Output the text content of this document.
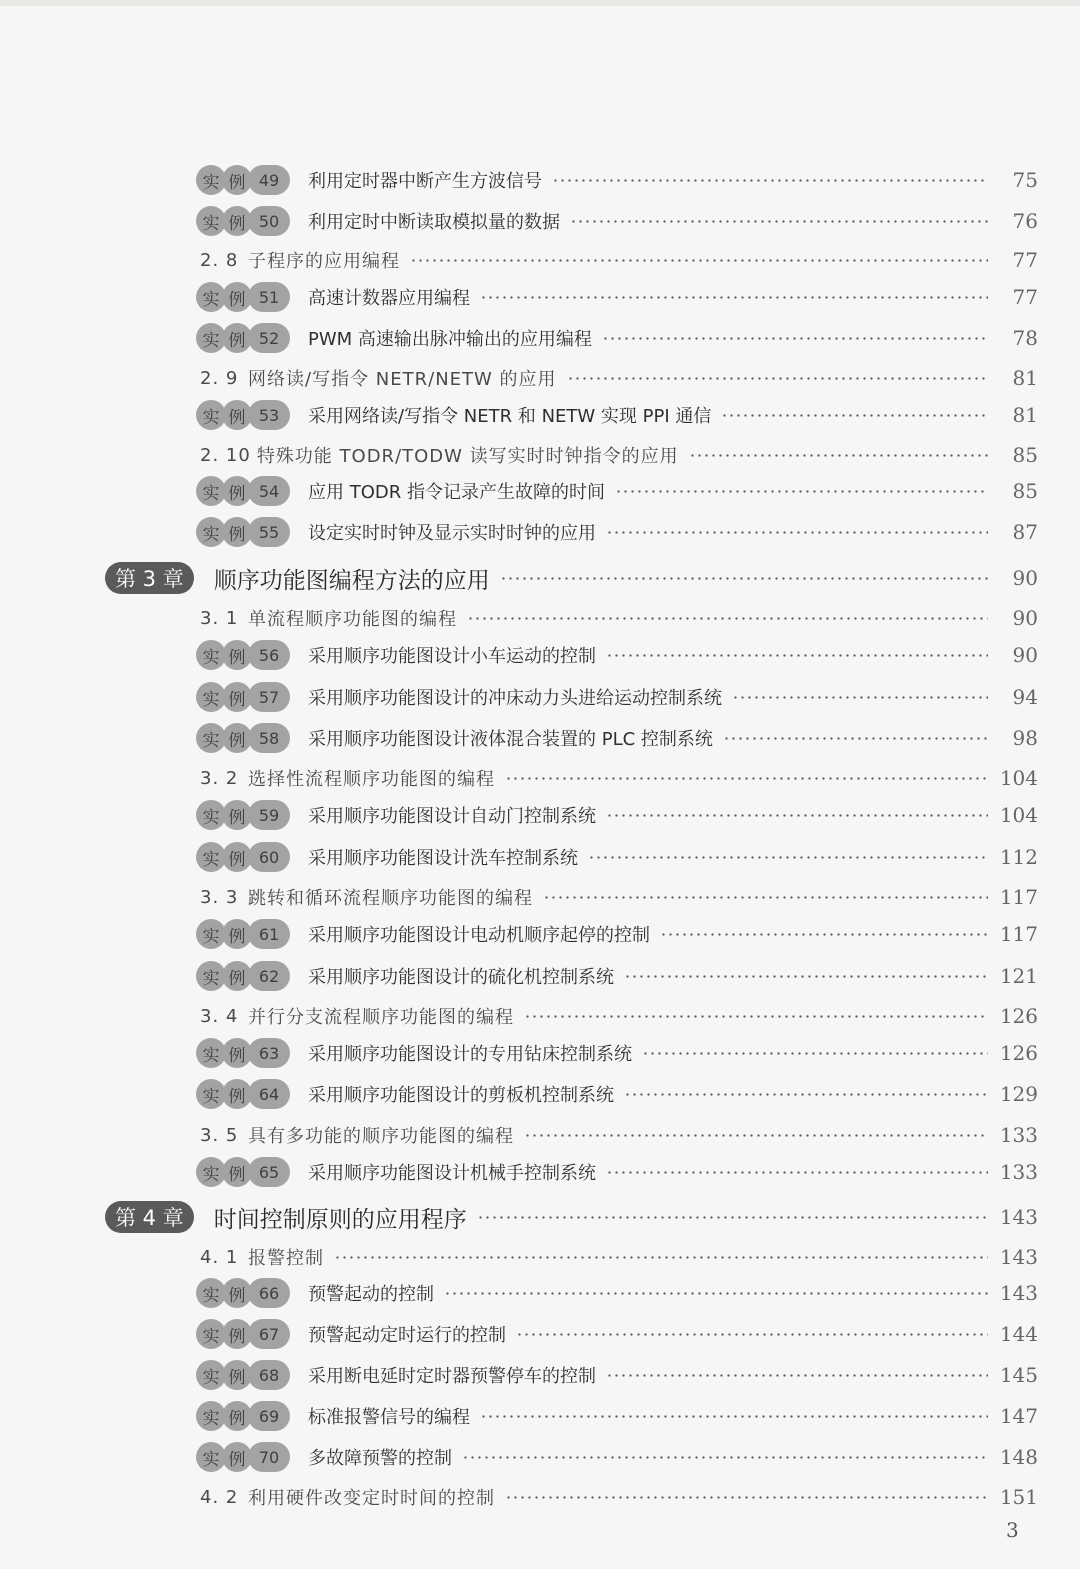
实 例 49	利用定时器中断产生方波信号	75
实 例 50	利用定时中断读取模拟量的数据	76
2. 8 子程序的应用编程	77
实 例 51	高速计数器应用编程	77
实 例 52	PWM 高速输出脉冲输出的应用编程	78
2. 9 网络读/写指令 NETR/NETW 的应用	81
实 例 53	采用网络读/写指令 NETR 和 NETW 实现 PPI 通信	81
2. 10 特殊功能 TODR/TODW 读写实时时钟指令的应用	85
实 例 54	应用 TODR 指令记录产生故障的时间	85
实 例 55	设定实时时钟及显示实时时钟的应用	87
第 3 章	顺序功能图编程方法的应用	90
3. 1 单流程顺序功能图的编程	90
实 例 56	采用顺序功能图设计小车运动的控制	90
实 例 57	采用顺序功能图设计的冲床动力头进给运动控制系统	94
实 例 58	采用顺序功能图设计液体混合装置的 PLC 控制系统	98
3. 2 选择性流程顺序功能图的编程	104
实 例 59	采用顺序功能图设计自动门控制系统	104
实 例 60	采用顺序功能图设计洗车控制系统	112
3. 3 跳转和循环流程顺序功能图的编程	117
实 例 61	采用顺序功能图设计电动机顺序起停的控制	117
实 例 62	采用顺序功能图设计的硫化机控制系统	121
3. 4 并行分支流程顺序功能图的编程	126
实 例 63	采用顺序功能图设计的专用钻床控制系统	126
实 例 64	采用顺序功能图设计的剪板机控制系统	129
3. 5 具有多功能的顺序功能图的编程	133
实 例 65	采用顺序功能图设计机械手控制系统	133
第 4 章	时间控制原则的应用程序	143
4. 1 报警控制	143
实 例 66	预警起动的控制	143
实 例 67	预警起动定时运行的控制	144
实 例 68	采用断电延时定时器预警停车的控制	145
实 例 69	标准报警信号的编程	147
实 例 70	多故障预警的控制	148
4. 2 利用硬件改变定时时间的控制	151
3
